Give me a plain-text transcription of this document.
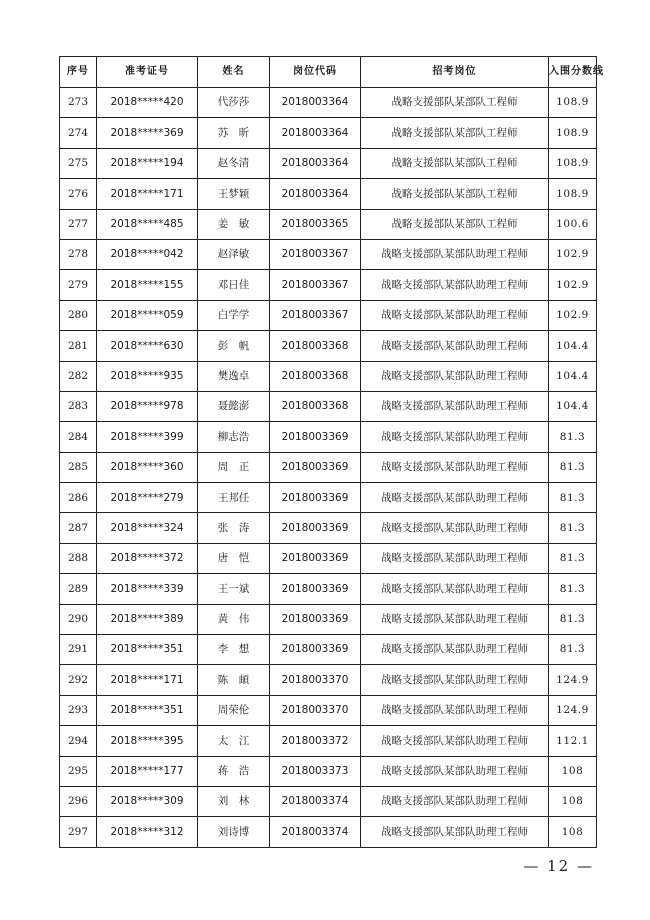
序号	准考证号	姓名	岗位代码	招考岗位	入围分数线
273	2018*****420	代莎莎	2018003364	战略支援部队某部队工程师	108.9
274	2018*****369	苏　昕	2018003364	战略支援部队某部队工程师	108.9
275	2018*****194	赵冬清	2018003364	战略支援部队某部队工程师	108.9
276	2018*****171	王梦颖	2018003364	战略支援部队某部队工程师	108.9
277	2018*****485	姜　敏	2018003365	战略支援部队某部队工程师	100.6
278	2018*****042	赵泽敏	2018003367	战略支援部队某部队助理工程师	102.9
279	2018*****155	邓日佳	2018003367	战略支援部队某部队助理工程师	102.9
280	2018*****059	白学学	2018003367	战略支援部队某部队助理工程师	102.9
281	2018*****630	彭　帆	2018003368	战略支援部队某部队助理工程师	104.4
282	2018*****935	樊逸卓	2018003368	战略支援部队某部队助理工程师	104.4
283	2018*****978	聂懿澎	2018003368	战略支援部队某部队助理工程师	104.4
284	2018*****399	柳志浩	2018003369	战略支援部队某部队助理工程师	81.3
285	2018*****360	周　正	2018003369	战略支援部队某部队助理工程师	81.3
286	2018*****279	王邦任	2018003369	战略支援部队某部队助理工程师	81.3
287	2018*****324	张　涛	2018003369	战略支援部队某部队助理工程师	81.3
288	2018*****372	唐　恺	2018003369	战略支援部队某部队助理工程师	81.3
289	2018*****339	王一斌	2018003369	战略支援部队某部队助理工程师	81.3
290	2018*****389	黄　伟	2018003369	战略支援部队某部队助理工程师	81.3
291	2018*****351	李　想	2018003369	战略支援部队某部队助理工程师	81.3
292	2018*****171	陈　頔	2018003370	战略支援部队某部队助理工程师	124.9
293	2018*****351	周荣伦	2018003370	战略支援部队某部队助理工程师	124.9
294	2018*****395	太　江	2018003372	战略支援部队某部队助理工程师	112.1
295	2018*****177	蒋　浩	2018003373	战略支援部队某部队助理工程师	108
296	2018*****309	刘　林	2018003374	战略支援部队某部队助理工程师	108
297	2018*****312	刘诗博	2018003374	战略支援部队某部队助理工程师	108
— 12 —
